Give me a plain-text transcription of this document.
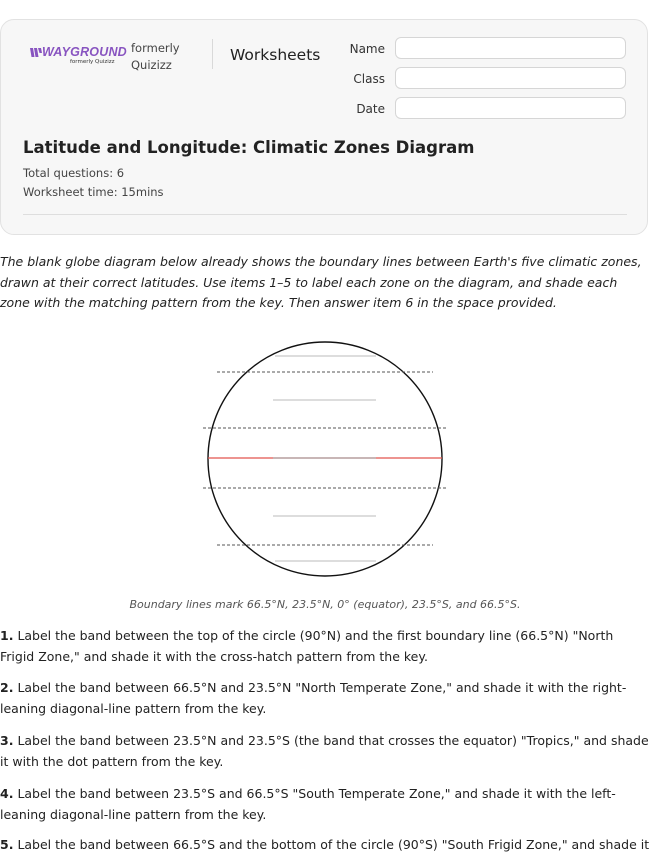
WAYGROUND
formerly Quizizz
formerly
Quizizz
Worksheets	Name
Class
Date
Latitude and Longitude: Climatic Zones Diagram
Total questions: 6
Worksheet time: 15mins
The blank globe diagram below already shows the boundary lines between Earth's five climatic zones, drawn at their correct latitudes. Use items 1–5 to label each zone on the diagram, and shade each zone with the matching pattern from the key. Then answer item 6 in the space provided.
Boundary lines mark 66.5°N, 23.5°N, 0° (equator), 23.5°S, and 66.5°S.
1. Label the band between the top of the circle (90°N) and the first boundary line (66.5°N) "North Frigid Zone," and shade it with the cross-hatch pattern from the key.
2. Label the band between 66.5°N and 23.5°N "North Temperate Zone," and shade it with the right-leaning diagonal-line pattern from the key.
3. Label the band between 23.5°N and 23.5°S (the band that crosses the equator) "Tropics," and shade it with the dot pattern from the key.
4. Label the band between 23.5°S and 66.5°S "South Temperate Zone," and shade it with the left-leaning diagonal-line pattern from the key.
5. Label the band between 66.5°S and the bottom of the circle (90°S) "South Frigid Zone," and shade it
